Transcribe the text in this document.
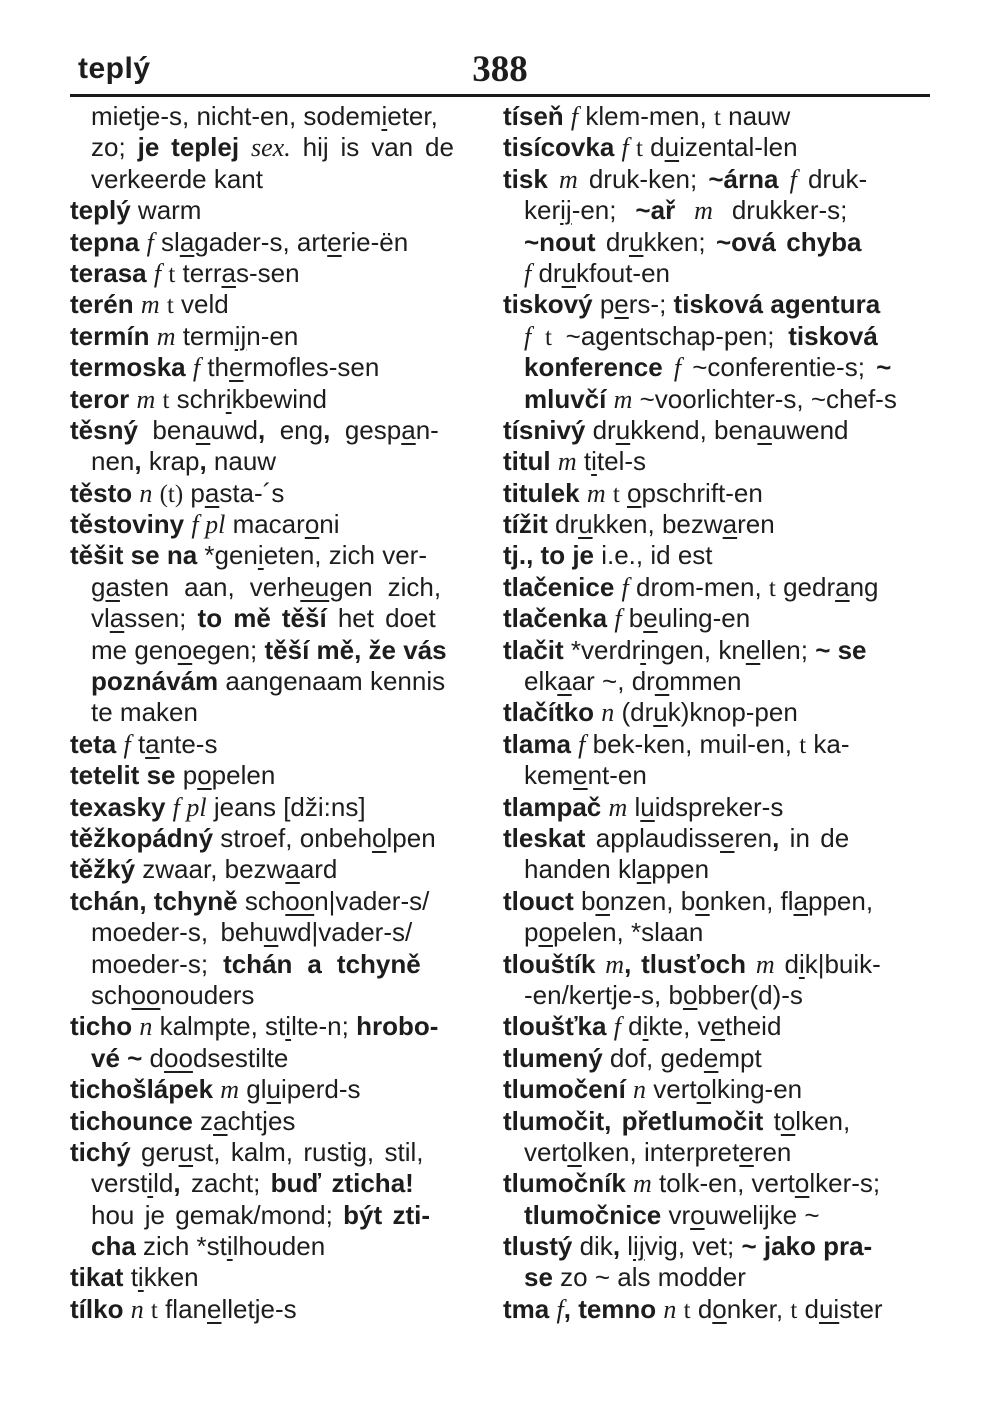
teplý	388
mietje-s, nicht-en, sodemieter,
zo; je teplej sex. hij is van de
verkeerde kant
teplý warm
tepna f slagader-s, arterie-ën
terasa f t terras-sen
terén m t veld
termín m termijn-en
termoska f thermofles-sen
teror m t schrikbewind
těsný benauwd, eng, gespan-
nen, krap, nauw
těsto n (t) pasta-´s
těstoviny f pl macaroni
těšit se na *genieten, zich ver-
gasten aan, verheugen zich,
vlassen; to mě těší het doet
me genoegen; těší mě, že vás
poznávám aangenaam kennis
te maken
teta f tante-s
tetelit se popelen
texasky f pl jeans [dži:ns]
těžkopádný stroef, onbeholpen
těžký zwaar, bezwaard
tchán, tchyně schoon|vader-s/
moeder-s, behuwd|vader-s/
moeder-s; tchán a tchyně
schoonouders
ticho n kalmpte, stilte-n; hrobo-
vé ~ doodsestilte
tichošlápek m gluiperd-s
tichounce zachtjes
tichý gerust, kalm, rustig, stil,
verstild, zacht; buď zticha!
hou je gemak/mond; být zti-
cha zich *stilhouden
tikat tikken
tílko n t flanelletje-s
tíseň f klem-men, t nauw
tisícovka f t duizental-len
tisk m druk-ken; ~árna f druk-
kerij-en; ~ař m drukker-s;
~nout drukken; ~ová chyba
f drukfout-en
tiskový pers-; tisková agentura
f t ~agentschap-pen; tisková
konference f ~conferentie-s; ~
mluvčí m ~voorlichter-s, ~chef-s
tísnivý drukkend, benauwend
titul m titel-s
titulek m t opschrift-en
tížit drukken, bezwaren
tj., to je i.e., id est
tlačenice f drom-men, t gedrang
tlačenka f beuling-en
tlačit *verdringen, knellen; ~ se
elkaar ~, drommen
tlačítko n (druk)knop-pen
tlama f bek-ken, muil-en, t ka-
kement-en
tlampač m luidspreker-s
tleskat applaudisseren, in de
handen klappen
tlouct bonzen, bonken, flappen,
popelen, *slaan
tlouštík m, tlusťoch m dik|buik-
-en/kertje-s, bobber(d)-s
tloušťka f dikte, vetheid
tlumený dof, gedempt
tlumočení n vertolking-en
tlumočit, přetlumočit tolken,
vertolken, interpreteren
tlumočník m tolk-en, vertolker-s;
tlumočnice vrouwelijke ~
tlustý dik, lijvig, vet; ~ jako pra-
se zo ~ als modder
tma f, temno n t donker, t duister
